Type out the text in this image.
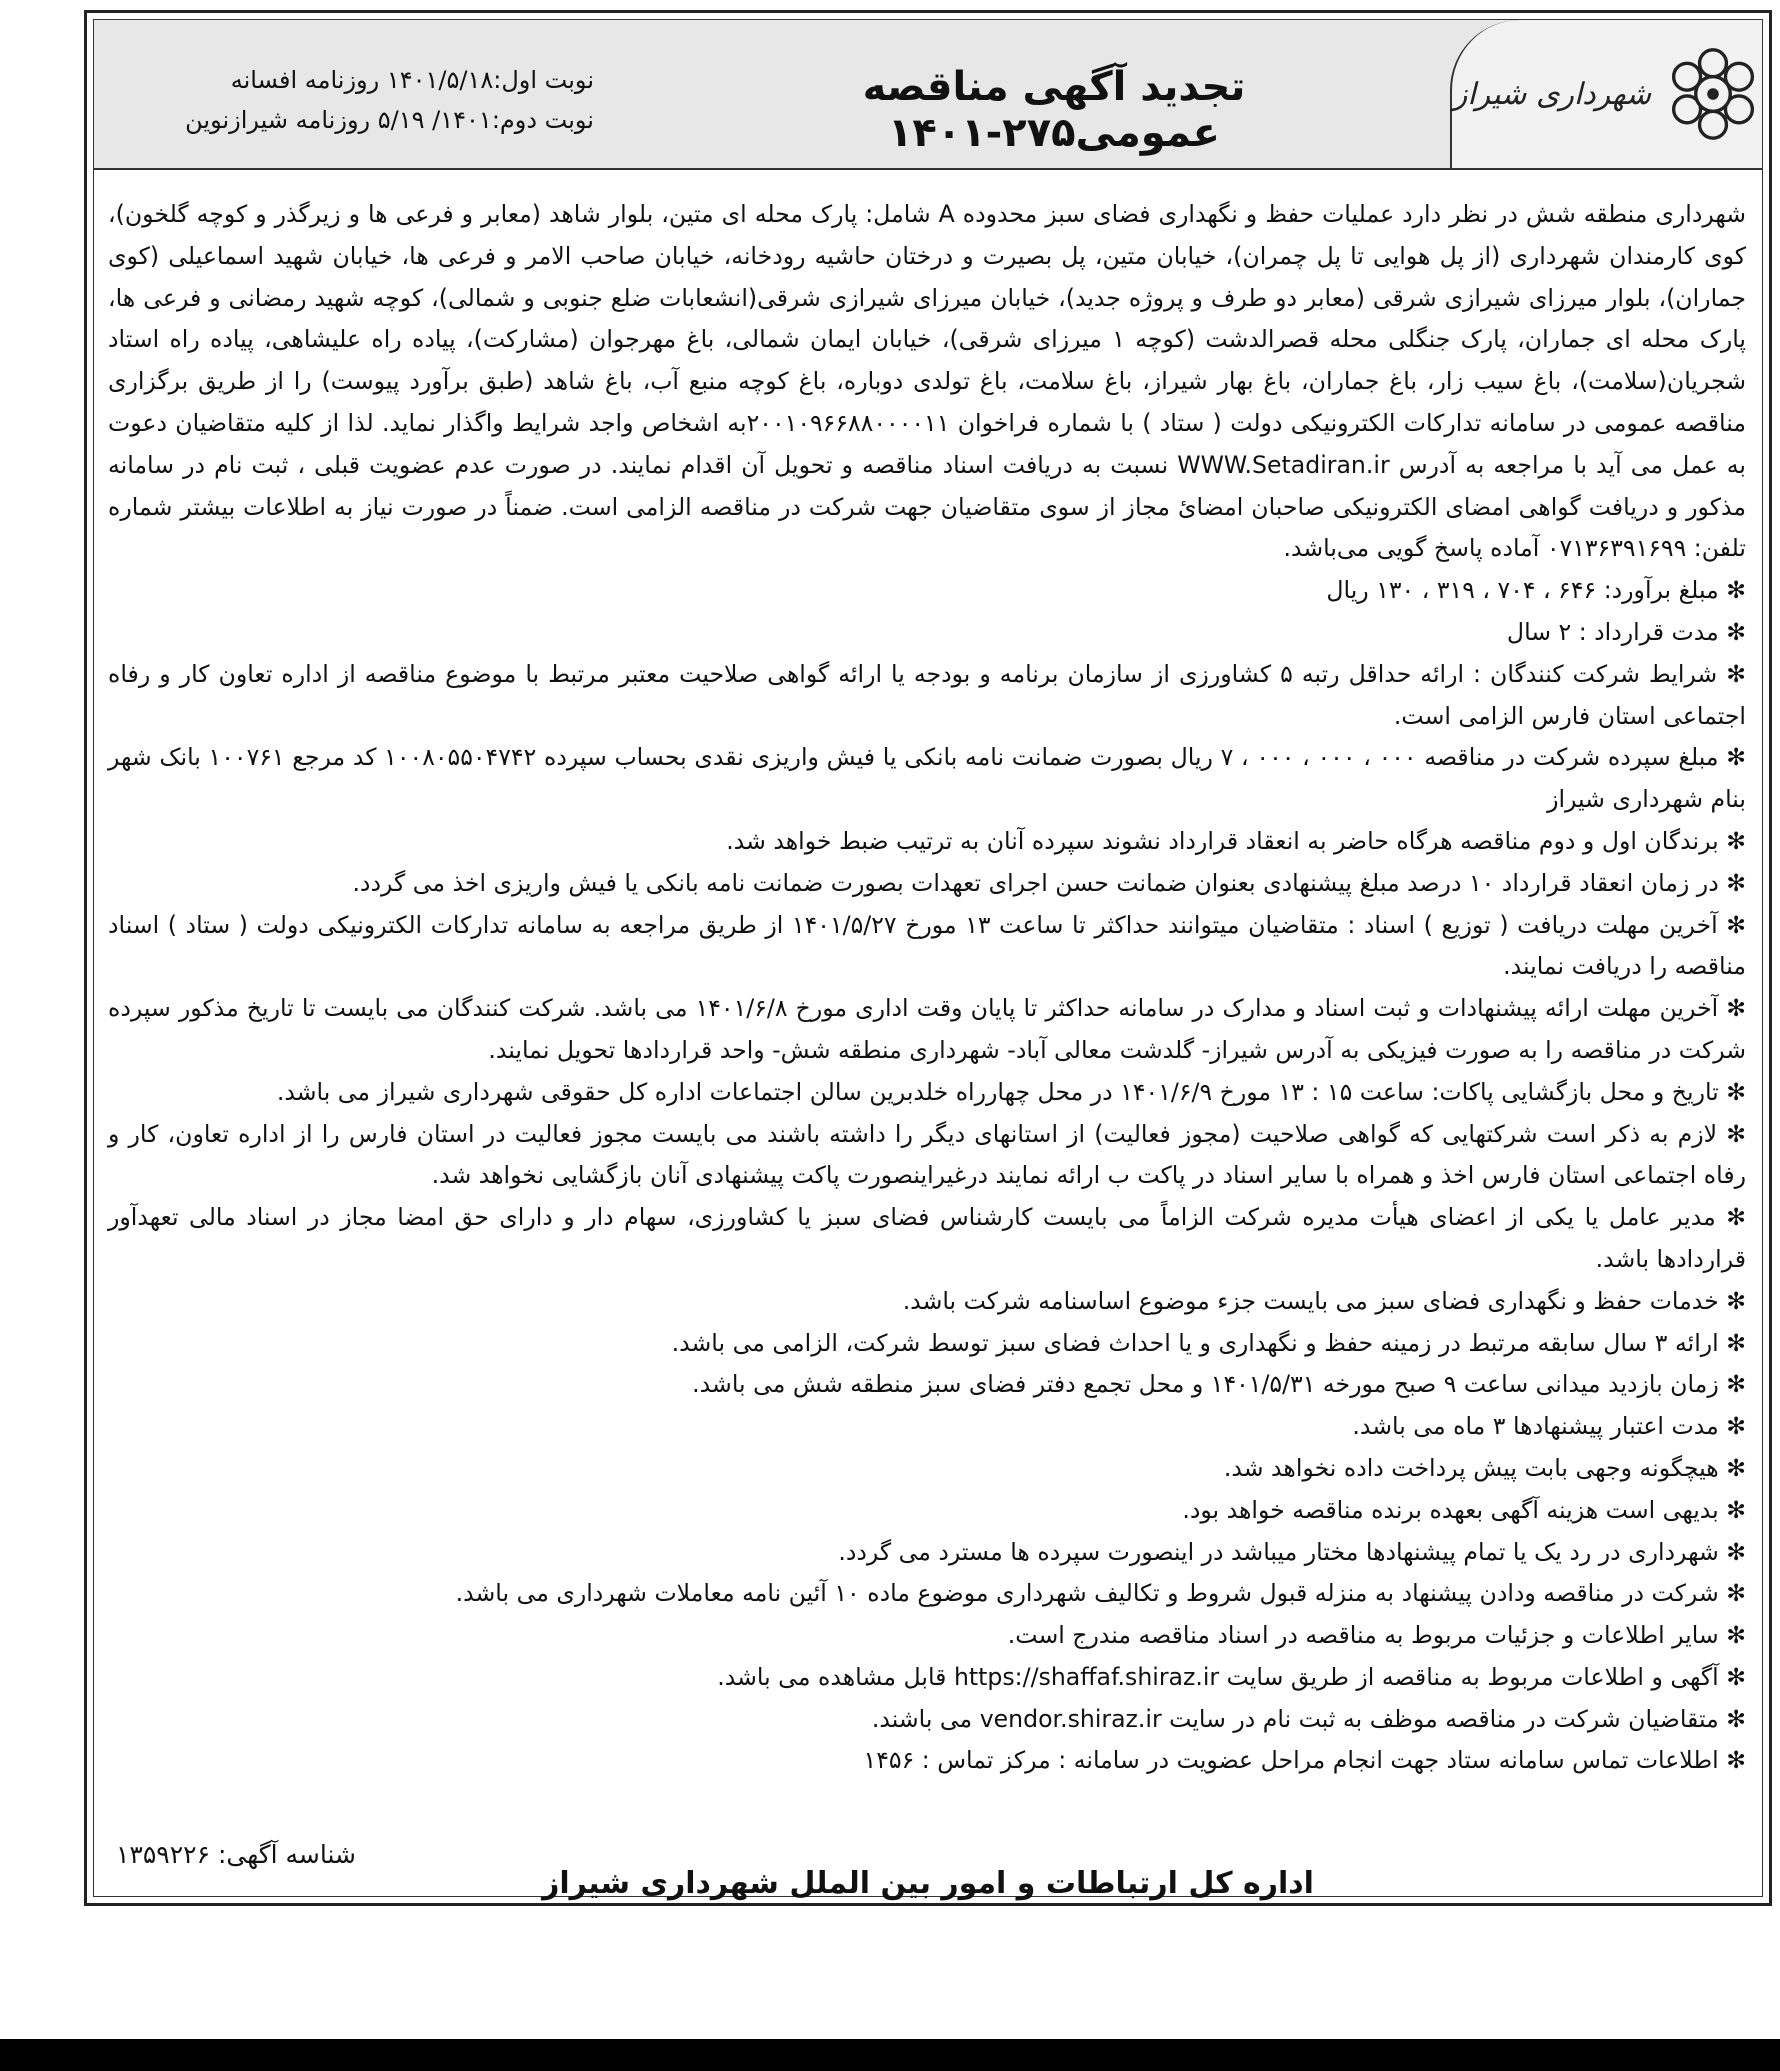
شهرداری شیراز
تجدید آگهی مناقصه عمومی۲۷۵-۱۴۰۱
نوبت اول:۱۴۰۱/۵/۱۸ روزنامه افسانه
نوبت دوم:۱۴۰۱/ ۵/۱۹ روزنامه شیرازنوین

شهرداری منطقه شش در نظر دارد عملیات حفظ و نگهداری فضای سبز محدوده A شامل: پارک محله ای متین، بلوار شاهد (معابر و فرعی ها و زیرگذر و کوچه گلخون)، کوی کارمندان شهرداری (از پل هوایی تا پل چمران)، خیابان متین، پل بصیرت و درختان حاشیه رودخانه، خیابان صاحب الامر و فرعی ها، خیابان شهید اسماعیلی (کوی جماران)، بلوار میرزای شیرازی شرقی (معابر دو طرف و پروژه جدید)، خیابان میرزای شیرازی شرقی(انشعابات ضلع جنوبی و شمالی)، کوچه شهید رمضانی و فرعی ها، پارک محله ای جماران، پارک جنگلی محله قصرالدشت (کوچه ۱ میرزای شرقی)، خیابان ایمان شمالی، باغ مهرجوان (مشارکت)، پیاده راه علیشاهی، پیاده راه استاد شجریان(سلامت)، باغ سیب زار، باغ جماران، باغ بهار شیراز، باغ سلامت، باغ تولدی دوباره، باغ کوچه منبع آب، باغ شاهد (طبق برآورد پیوست) را از طریق برگزاری مناقصه عمومی در سامانه تدارکات الکترونیکی دولت ( ستاد ) با شماره فراخوان ۲۰۰۱۰۹۶۶۸۸۰۰۰۰۱۱به اشخاص واجد شرایط واگذار نماید. لذا از کلیه متقاضیان دعوت به عمل می آید با مراجعه به آدرس WWW.Setadiran.ir نسبت به دریافت اسناد مناقصه و تحویل آن اقدام نمایند. در صورت عدم عضویت قبلی ، ثبت نام در سامانه مذکور و دریافت گواهی امضای الکترونیکی صاحبان امضائ مجاز از سوی متقاضیان جهت شرکت در مناقصه الزامی است. ضمناً در صورت نیاز به اطلاعات بیشتر شماره تلفن: ۰۷۱۳۶۳۹۱۶۹۹ آماده پاسخ گویی می‌باشد.

✻ مبلغ برآورد: ۶۴۶ ، ۷۰۴ ، ۳۱۹ ، ۱۳۰ ریال

✻ مدت قرارداد : ۲ سال

✻ شرایط شرکت کنندگان : ارائه حداقل رتبه ۵ کشاورزی از سازمان برنامه و بودجه یا ارائه گواهی صلاحیت معتبر مرتبط با موضوع مناقصه از اداره تعاون کار و رفاه اجتماعی استان فارس الزامی است.

✻ مبلغ سپرده شرکت در مناقصه ۰۰۰ ، ۰۰۰ ، ۰۰۰ ، ۷ ریال بصورت ضمانت نامه بانکی یا فیش واریزی نقدی بحساب سپرده ۱۰۰۸۰۵۵۰۴۷۴۲ کد مرجع ۱۰۰۷۶۱ بانک شهر بنام شهرداری شیراز

✻ برندگان اول و دوم مناقصه هرگاه حاضر به انعقاد قرارداد نشوند سپرده آنان به ترتیب ضبط خواهد شد.

✻ در زمان انعقاد قرارداد ۱۰ درصد مبلغ پیشنهادی بعنوان ضمانت حسن اجرای تعهدات بصورت ضمانت نامه بانکی یا فیش واریزی اخذ می گردد.

✻ آخرین مهلت دریافت ( توزیع ) اسناد : متقاضیان میتوانند حداکثر تا ساعت ۱۳ مورخ ۱۴۰۱/۵/۲۷ از طریق مراجعه به سامانه تدارکات الکترونیکی دولت ( ستاد ) اسناد مناقصه را دریافت نمایند.

✻ آخرین مهلت ارائه پیشنهادات و ثبت اسناد و مدارک در سامانه حداکثر تا پایان وقت اداری مورخ ۱۴۰۱/۶/۸ می باشد. شرکت کنندگان می بایست تا تاریخ مذکور سپرده شرکت در مناقصه را به صورت فیزیکی به آدرس شیراز- گلدشت معالی آباد- شهرداری منطقه شش- واحد قراردادها تحویل نمایند.

✻ تاریخ و محل بازگشایی پاکات: ساعت ۱۵ : ۱۳ مورخ ۱۴۰۱/۶/۹ در محل چهارراه خلدبرین سالن اجتماعات اداره کل حقوقی شهرداری شیراز می باشد.

✻ لازم به ذکر است شرکتهایی که گواهی صلاحیت (مجوز فعالیت) از استانهای دیگر را داشته باشند می بایست مجوز فعالیت در استان فارس را از اداره تعاون، کار و رفاه اجتماعی استان فارس اخذ و همراه با سایر اسناد در پاکت ب ارائه نمایند درغیراینصورت پاکت پیشنهادی آنان بازگشایی نخواهد شد.

✻ مدیر عامل یا یکی از اعضای هیأت مدیره شرکت الزاماً می بایست کارشناس فضای سبز یا کشاورزی، سهام دار و دارای حق امضا مجاز در اسناد مالی تعهدآور قراردادها باشد.

✻ خدمات حفظ و نگهداری فضای سبز می بایست جزء موضوع اساسنامه شرکت باشد.

✻ ارائه ۳ سال سابقه مرتبط در زمینه حفظ و نگهداری و یا احداث فضای سبز توسط شرکت، الزامی می باشد.

✻ زمان بازدید میدانی ساعت ۹ صبح مورخه ۱۴۰۱/۵/۳۱ و محل تجمع دفتر فضای سبز منطقه شش می باشد.

✻ مدت اعتبار پیشنهادها ۳ ماه می باشد.

✻ هیچگونه وجهی بابت پیش پرداخت داده نخواهد شد.

✻ بدیهی است هزینه آگهی بعهده برنده مناقصه خواهد بود.

✻ شهرداری در رد یک یا تمام پیشنهادها مختار میباشد در اینصورت سپرده ها مسترد می گردد.

✻ شرکت در مناقصه ودادن پیشنهاد به منزله قبول شروط و تکالیف شهرداری موضوع ماده ۱۰ آئین نامه معاملات شهرداری می باشد.

✻ سایر اطلاعات و جزئیات مربوط به مناقصه در اسناد مناقصه مندرج است.

✻ آگهی و اطلاعات مربوط به مناقصه از طریق سایت https://shaffaf.shiraz.ir قابل مشاهده می باشد.

✻ متقاضیان شرکت در مناقصه موظف به ثبت نام در سایت vendor.shiraz.ir می باشند.

✻ اطلاعات تماس سامانه ستاد جهت انجام مراحل عضویت در سامانه : مرکز تماس : ۱۴۵۶

شناسه آگهی: ۱۳۵۹۲۲۶
اداره کل ارتباطات و امور بین الملل شهرداری شیراز
